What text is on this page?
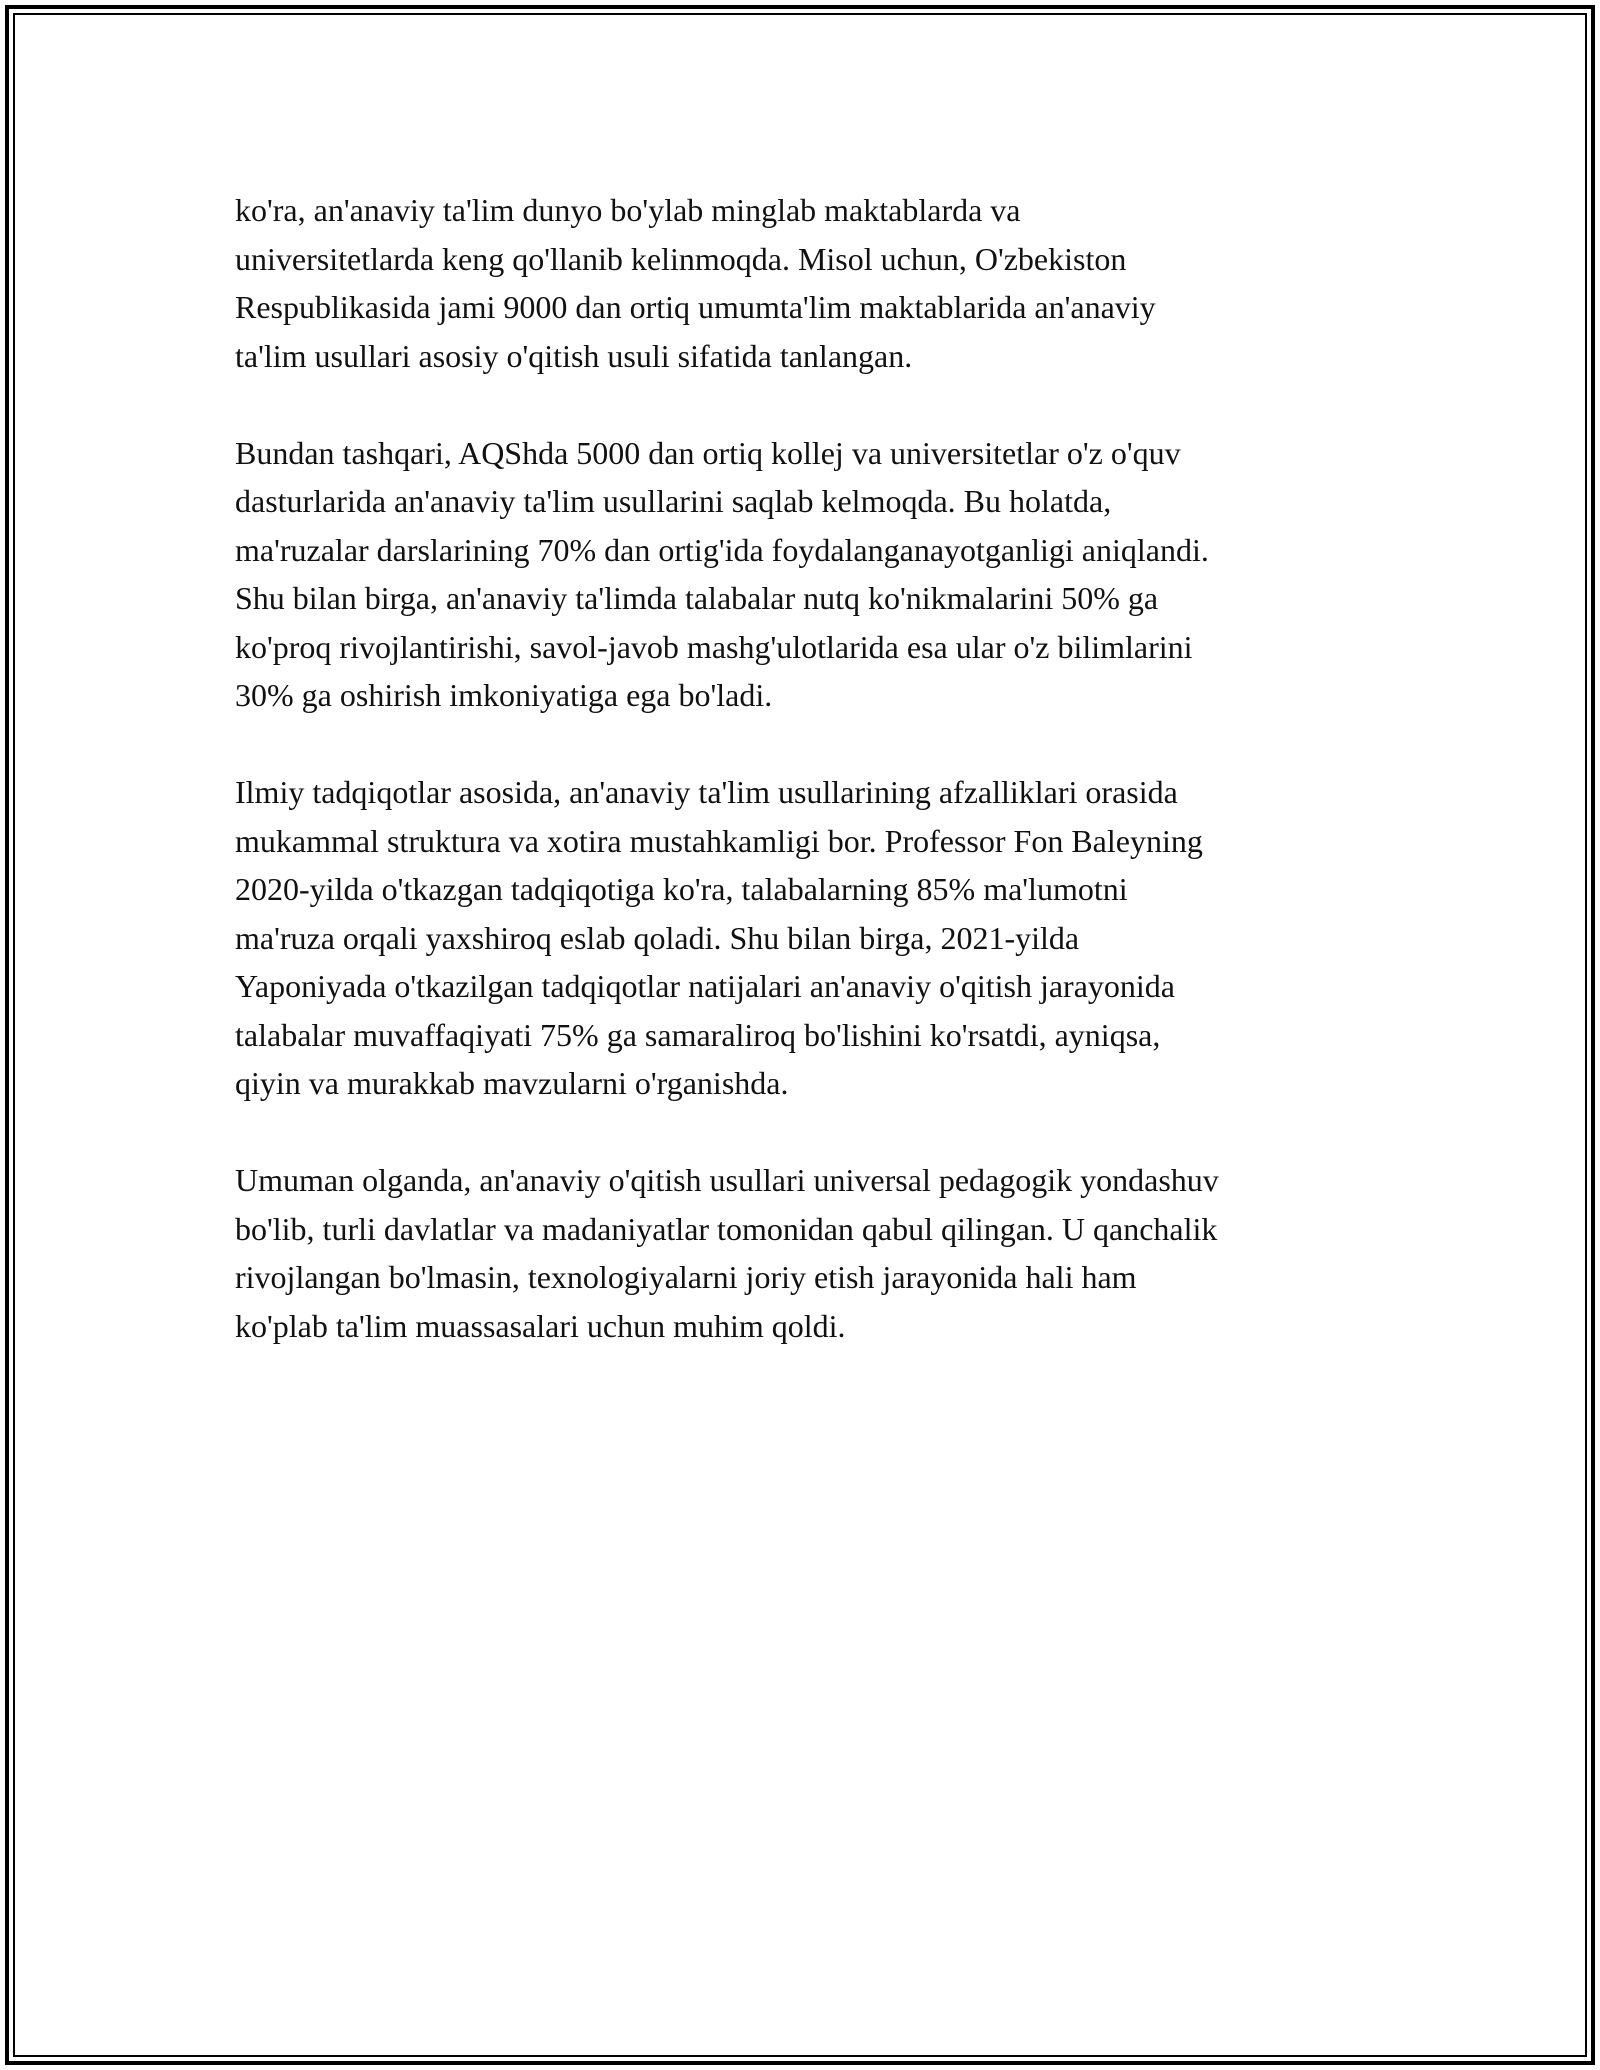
ko'ra, an'anaviy ta'lim dunyo bo'ylab minglab maktablarda va
universitetlarda keng qo'llanib kelinmoqda. Misol uchun, O'zbekiston
Respublikasida jami 9000 dan ortiq umumta'lim maktablarida an'anaviy
ta'lim usullari asosiy o'qitish usuli sifatida tanlangan.

Bundan tashqari, AQShda 5000 dan ortiq kollej va universitetlar o'z o'quv
dasturlarida an'anaviy ta'lim usullarini saqlab kelmoqda. Bu holatda,
ma'ruzalar darslarining 70% dan ortig'ida foydalanganayotganligi aniqlandi.
Shu bilan birga, an'anaviy ta'limda talabalar nutq ko'nikmalarini 50% ga
ko'proq rivojlantirishi, savol-javob mashg'ulotlarida esa ular o'z bilimlarini
30% ga oshirish imkoniyatiga ega bo'ladi.

Ilmiy tadqiqotlar asosida, an'anaviy ta'lim usullarining afzalliklari orasida
mukammal struktura va xotira mustahkamligi bor. Professor Fon Baleyning
2020-yilda o'tkazgan tadqiqotiga ko'ra, talabalarning 85% ma'lumotni
ma'ruza orqali yaxshiroq eslab qoladi. Shu bilan birga, 2021-yilda
Yaponiyada o'tkazilgan tadqiqotlar natijalari an'anaviy o'qitish jarayonida
talabalar muvaffaqiyati 75% ga samaraliroq bo'lishini ko'rsatdi, ayniqsa,
qiyin va murakkab mavzularni o'rganishda.

Umuman olganda, an'anaviy o'qitish usullari universal pedagogik yondashuv
bo'lib, turli davlatlar va madaniyatlar tomonidan qabul qilingan. U qanchalik
rivojlangan bo'lmasin, texnologiyalarni joriy etish jarayonida hali ham
ko'plab ta'lim muassasalari uchun muhim qoldi.
